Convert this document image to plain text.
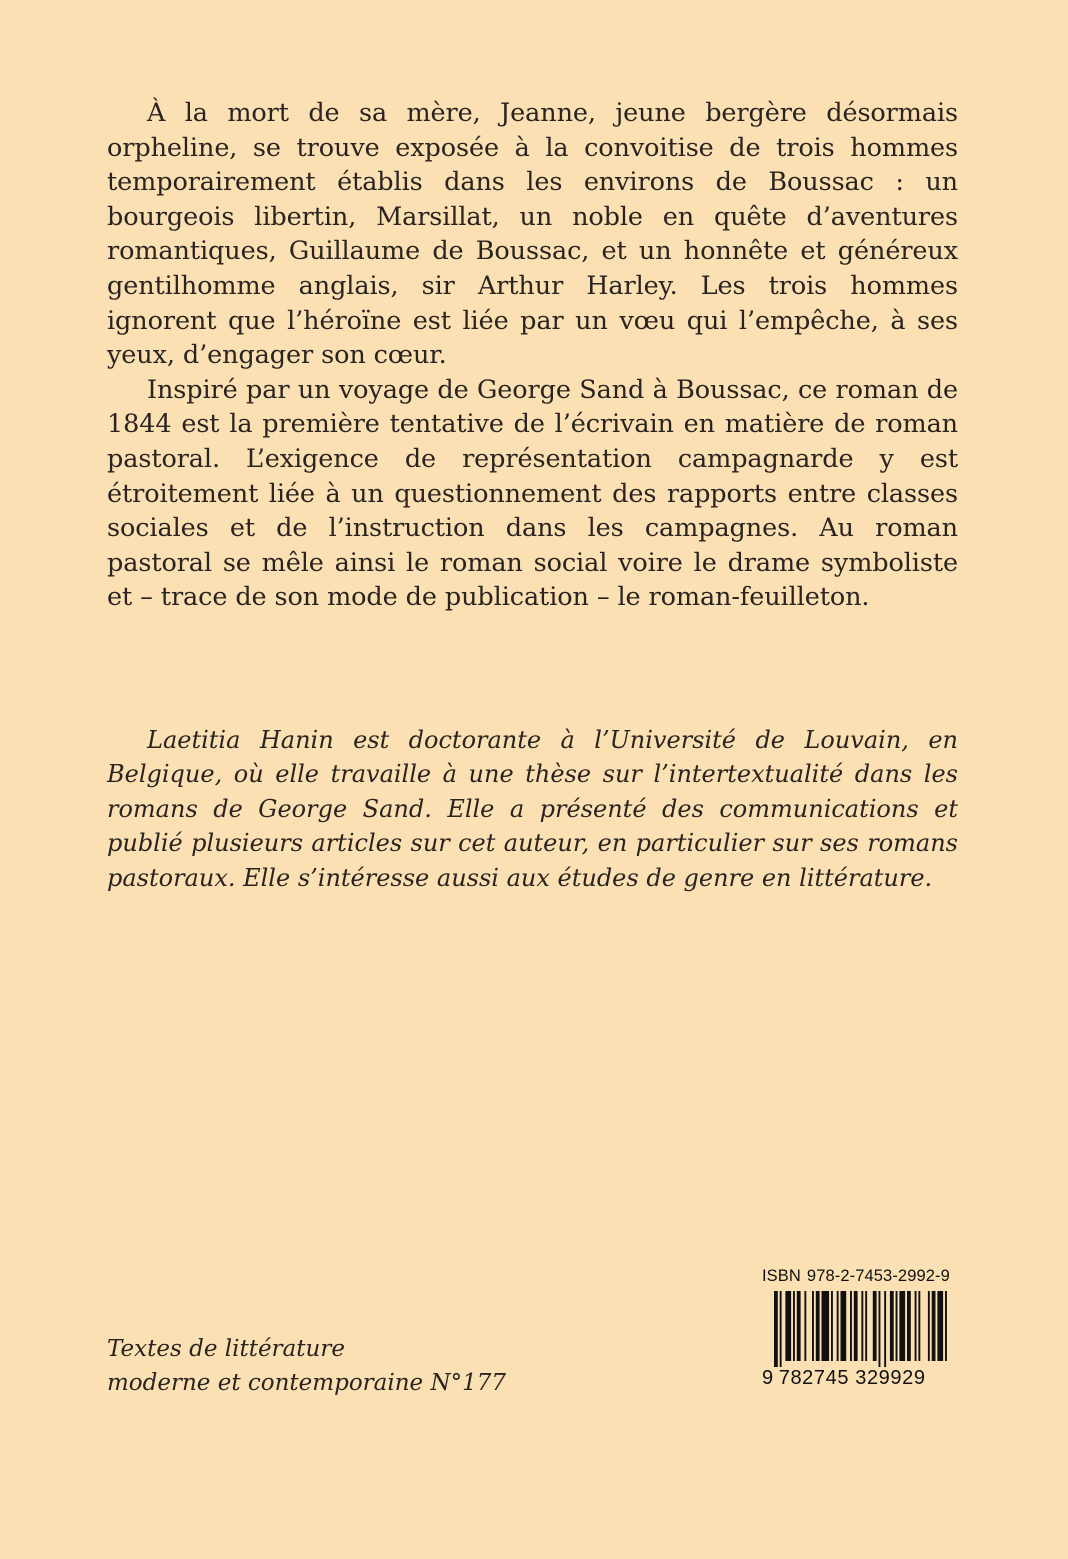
À la mort de sa mère, Jeanne, jeune bergère désormais orpheline, se trouve exposée à la convoitise de trois hommes temporairement établis dans les environs de Boussac : un bourgeois libertin, Marsillat, un noble en quête d’aventures romantiques, Guillaume de Boussac, et un honnête et généreux gentilhomme anglais, sir Arthur Harley. Les trois hommes ignorent que l’héroïne est liée par un vœu qui l’empêche, à ses yeux, d’engager son cœur.

Inspiré par un voyage de George Sand à Boussac, ce roman de 1844 est la première tentative de l’écrivain en matière de roman pastoral. L’exigence de représentation campagnarde y est étroitement liée à un questionnement des rapports entre classes sociales et de l’instruction dans les campagnes. Au roman pastoral se mêle ainsi le roman social voire le drame symboliste et – trace de son mode de publication – le roman-feuilleton.

Laetitia Hanin est doctorante à l’Université de Louvain, en Belgique, où elle travaille à une thèse sur l’intertextualité dans les romans de George Sand. Elle a présenté des communications et publié plusieurs articles sur cet auteur, en particulier sur ses romans pastoraux. Elle s’intéresse aussi aux études de genre en littérature.

Textes de littérature
moderne et contemporaine N°177
ISBN 978-2-7453-2992-9
9 782745 329929
